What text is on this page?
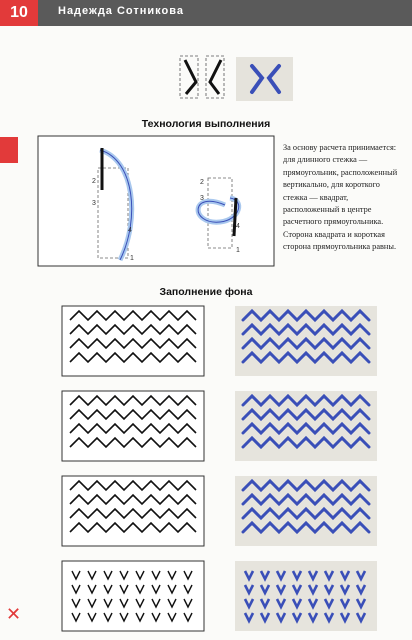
10	Надежда Сотникова
2
3
4
1
2
3
4
1
Технология выполнения
За основу расчета принимается: для длинного стежка — прямоугольник, расположенный вертикально, для короткого стежка — квадрат, расположенный в центре расчетного прямоугольника. Сторона квадрата и короткая сторона прямоугольника равны.
Заполнение фона
✕
